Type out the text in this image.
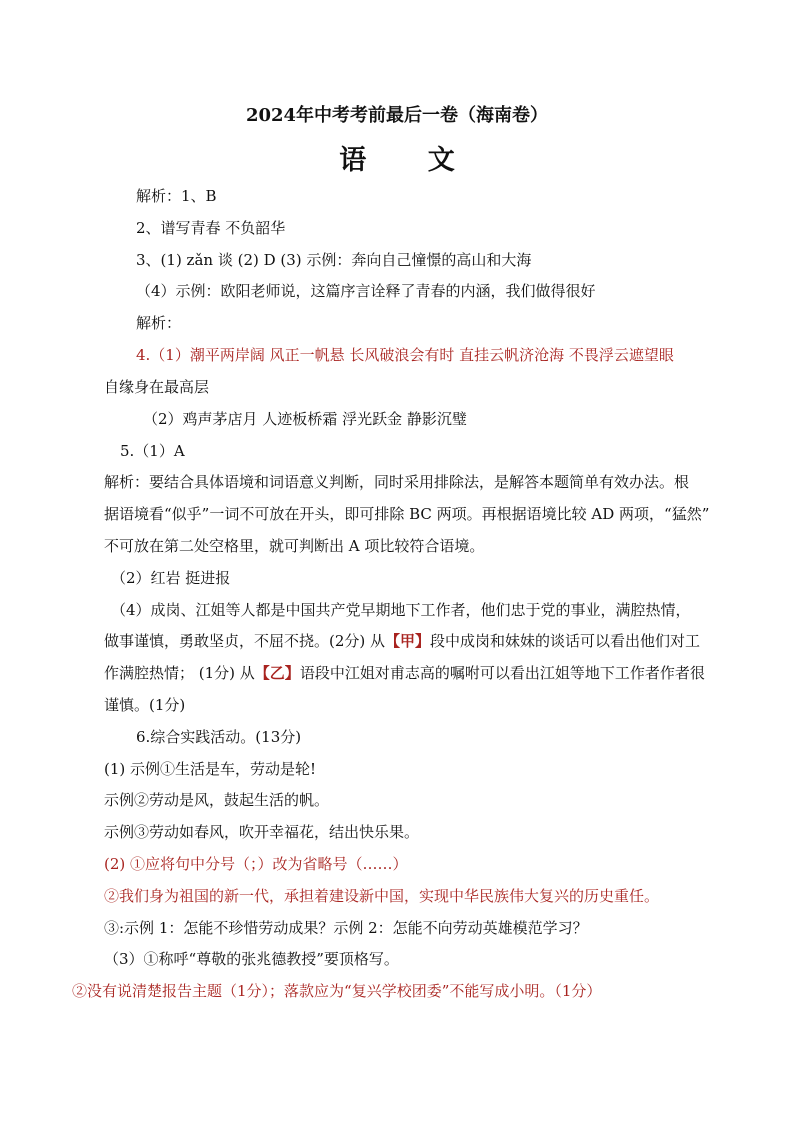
2024年中考考前最后一卷（海南卷）
语 文
解析：1、B
2、谱写青春 不负韶华
3、(1) zǎn 谈 (2) D (3) 示例：奔向自己憧憬的高山和大海
（4）示例：欧阳老师说，这篇序言诠释了青春的内涵，我们做得很好
解析：
4.（1）潮平两岸阔 风正一帆悬 长风破浪会有时 直挂云帆济沧海 不畏浮云遮望眼
自缘身在最高层
（2）鸡声茅店月 人迹板桥霜 浮光跃金 静影沉璧
5.（1）A
解析：要结合具体语境和词语意义判断，同时采用排除法，是解答本题简单有效办法。根
据语境看“似乎”一词不可放在开头，即可排除 BC 两项。再根据语境比较 AD 两项，“猛然”
不可放在第二处空格里，就可判断出 A 项比较符合语境。
（2）红岩 挺进报
（4）成岗、江姐等人都是中国共产党早期地下工作者，他们忠于党的事业，满腔热情，
做事谨慎，勇敢坚贞，不屈不挠。(2分) 从【甲】段中成岗和妹妹的谈话可以看出他们对工
作满腔热情； (1分) 从【乙】语段中江姐对甫志高的嘱咐可以看出江姐等地下工作者作者很
谨慎。(1分)
6.综合实践活动。(13分)
(1) 示例①生活是车，劳动是轮!
示例②劳动是风，鼓起生活的帆。
示例③劳动如春风，吹开幸福花，结出快乐果。
(2) ①应将句中分号（；）改为省略号（……）
②我们身为祖国的新一代，承担着建设新中国，实现中华民族伟大复兴的历史重任。
③:示例 1：怎能不珍惜劳动成果？示例 2：怎能不向劳动英雄模范学习？
（3）①称呼“尊敬的张兆德教授”要顶格写。
②没有说清楚报告主题（1分）；落款应为“复兴学校团委”不能写成小明。（1分）
